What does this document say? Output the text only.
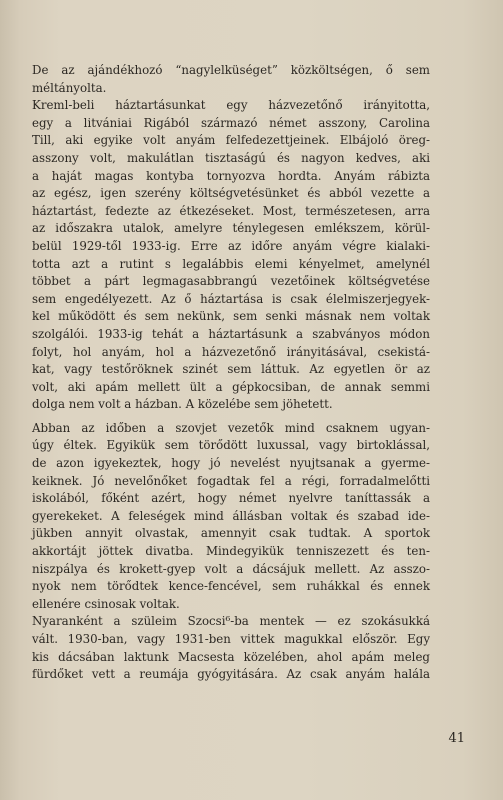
De az ajándékhozó “nagylelküséget” közköltségen, ő sem
méltányolta.

Kreml-beli háztartásunkat egy házvezetőnő irányitotta,
egy a litvániai Rigából származó német asszony, Carolina
Till, aki egyike volt anyám felfedezettjeinek. Elbájoló öreg-
asszony volt, makulátlan tisztaságú és nagyon kedves, aki
a haját magas kontyba tornyozva hordta. Anyám rábizta
az egész, igen szerény költségvetésünket és abból vezette a
háztartást, fedezte az étkezéseket. Most, természetesen, arra
az időszakra utalok, amelyre ténylegesen emlékszem, körül-
belül 1929-től 1933-ig. Erre az időre anyám végre kialaki-
totta azt a rutint s legalábbis elemi kényelmet, amelynél
többet a párt legmagasabbrangú vezetőinek költségvetése
sem engedélyezett. Az ő háztartása is csak élelmiszerjegyek-
kel működött és sem nekünk, sem senki másnak nem voltak
szolgálói. 1933-ig tehát a háztartásunk a szabványos módon
folyt, hol anyám, hol a házvezetőnő irányitásával, csekistá-
kat, vagy testőröknek szinét sem láttuk. Az egyetlen ör az
volt, aki apám mellett ült a gépkocsiban, de annak semmi
dolga nem volt a házban. A közelébe sem jöhetett.

Abban az időben a szovjet vezetők mind csaknem ugyan-
úgy éltek. Egyikük sem törődött luxussal, vagy birtoklással,
de azon igyekeztek, hogy jó nevelést nyujtsanak a gyerme-
keiknek. Jó nevelőnőket fogadtak fel a régi, forradalmelőtti
iskolából, főként azért, hogy német nyelvre taníttassák a
gyerekeket. A feleségek mind állásban voltak és szabad ide-
jükben annyit olvastak, amennyit csak tudtak. A sportok
akkortájt jöttek divatba. Mindegyikük tenniszezett és ten-
niszpálya és krokett-gyep volt a dácsájuk mellett. Az asszo-
nyok nem törődtek kence-fencével, sem ruhákkal és ennek
ellenére csinosak voltak.

Nyaranként a szüleim Szocsi⁶-ba mentek — ez szokásukká
vált. 1930-ban, vagy 1931-ben vittek magukkal először. Egy
kis dácsában laktunk Macsesta közelében, ahol apám meleg
fürdőket vett a reumája gyógyitására. Az csak anyám halála

41
